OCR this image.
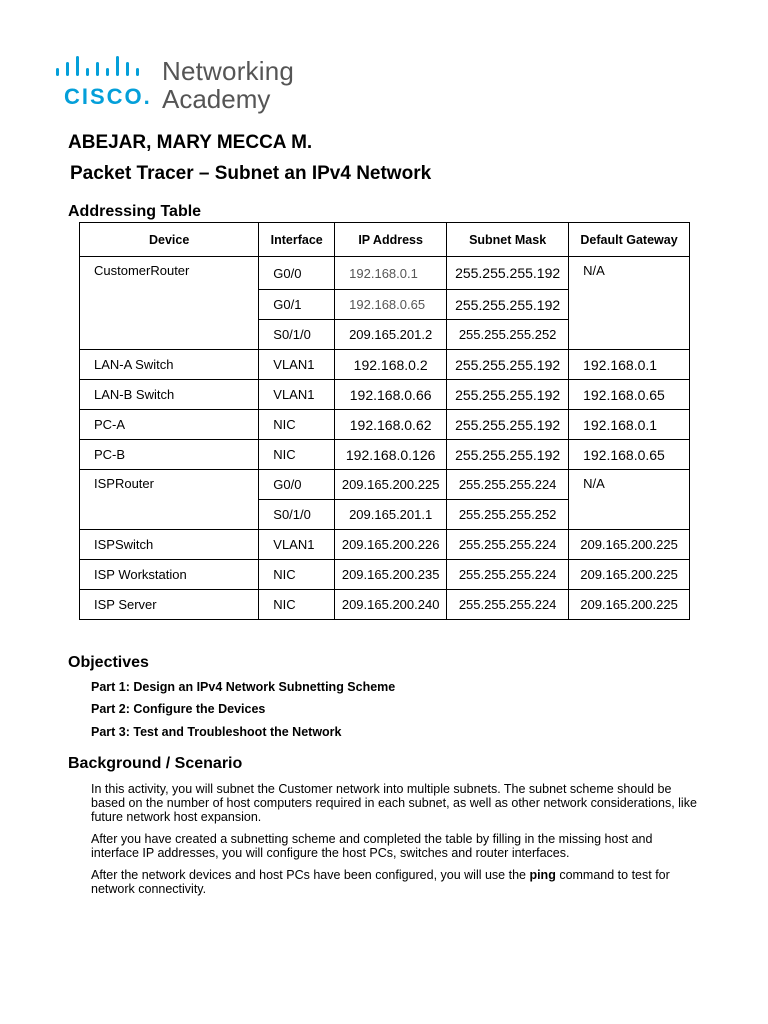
Networking
CISCO. Academy
ABEJAR, MARY MECCA M.
Packet Tracer – Subnet an IPv4 Network
Addressing Table
Device	Interface	IP Address	Subnet Mask	Default Gateway
CustomerRouter	G0/0	192.168.0.1	255.255.255.192	N/A
	G0/1	192.168.0.65	255.255.255.192	
	S0/1/0	209.165.201.2	255.255.255.252	
LAN-A Switch	VLAN1	192.168.0.2	255.255.255.192	192.168.0.1
LAN-B Switch	VLAN1	192.168.0.66	255.255.255.192	192.168.0.65
PC-A	NIC	192.168.0.62	255.255.255.192	192.168.0.1
PC-B	NIC	192.168.0.126	255.255.255.192	192.168.0.65
ISPRouter	G0/0	209.165.200.225	255.255.255.224	N/A
	S0/1/0	209.165.201.1	255.255.255.252	
ISPSwitch	VLAN1	209.165.200.226	255.255.255.224	209.165.200.225
ISP Workstation	NIC	209.165.200.235	255.255.255.224	209.165.200.225
ISP Server	NIC	209.165.200.240	255.255.255.224	209.165.200.225
Objectives
Part 1: Design an IPv4 Network Subnetting Scheme
Part 2: Configure the Devices
Part 3: Test and Troubleshoot the Network
Background / Scenario
In this activity, you will subnet the Customer network into multiple subnets. The subnet scheme should be
based on the number of host computers required in each subnet, as well as other network considerations, like
future network host expansion.
After you have created a subnetting scheme and completed the table by filling in the missing host and
interface IP addresses, you will configure the host PCs, switches and router interfaces.
After the network devices and host PCs have been configured, you will use the ping command to test for
network connectivity.
